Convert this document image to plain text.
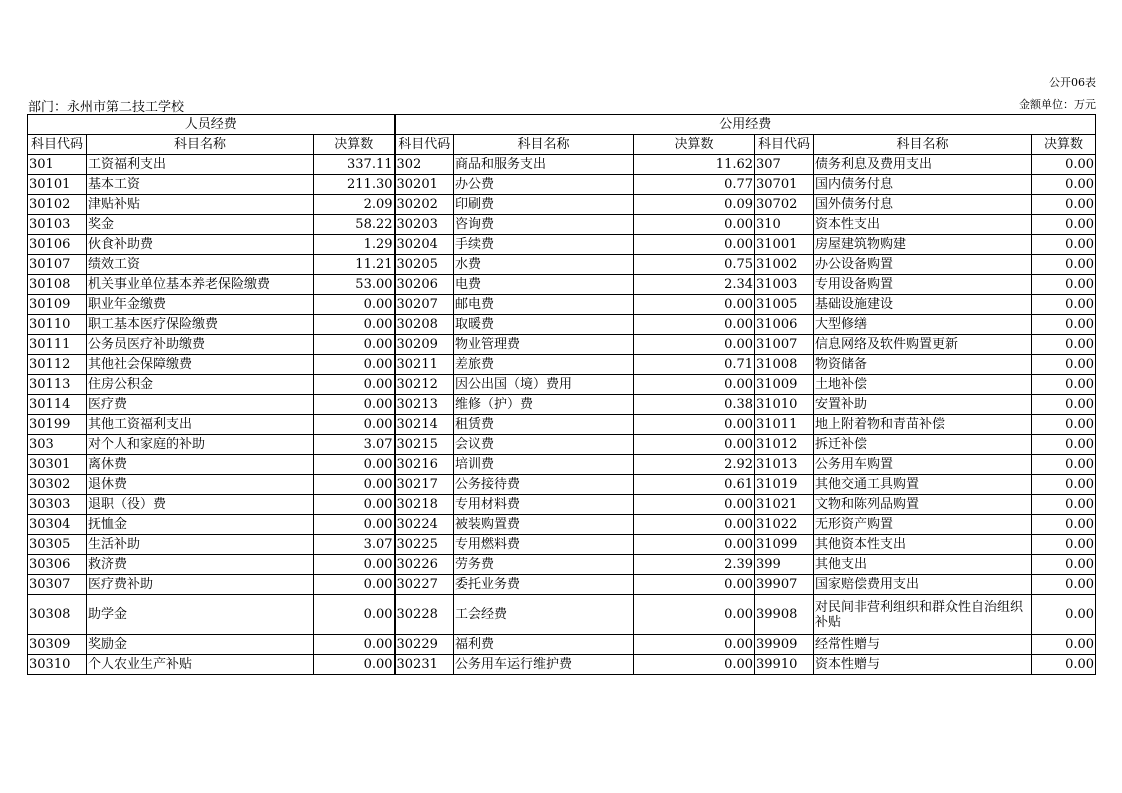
公开06表
部门：永州市第二技工学校	金额单位：万元
人员经费			公用经费					
科目代码	科目名称	决算数	科目代码	科目名称	决算数	科目代码	科目名称	决算数
301	工资福利支出	337.11	302	商品和服务支出	11.62	307	债务利息及费用支出	0.00
30101	基本工资	211.30	30201	办公费	0.77	30701	国内债务付息	0.00
30102	津贴补贴	2.09	30202	印刷费	0.09	30702	国外债务付息	0.00
30103	奖金	58.22	30203	咨询费	0.00	310	资本性支出	0.00
30106	伙食补助费	1.29	30204	手续费	0.00	31001	房屋建筑物购建	0.00
30107	绩效工资	11.21	30205	水费	0.75	31002	办公设备购置	0.00
30108	机关事业单位基本养老保险缴费	53.00	30206	电费	2.34	31003	专用设备购置	0.00
30109	职业年金缴费	0.00	30207	邮电费	0.00	31005	基础设施建设	0.00
30110	职工基本医疗保险缴费	0.00	30208	取暖费	0.00	31006	大型修缮	0.00
30111	公务员医疗补助缴费	0.00	30209	物业管理费	0.00	31007	信息网络及软件购置更新	0.00
30112	其他社会保障缴费	0.00	30211	差旅费	0.71	31008	物资储备	0.00
30113	住房公积金	0.00	30212	因公出国（境）费用	0.00	31009	土地补偿	0.00
30114	医疗费	0.00	30213	维修（护）费	0.38	31010	安置补助	0.00
30199	其他工资福利支出	0.00	30214	租赁费	0.00	31011	地上附着物和青苗补偿	0.00
303	对个人和家庭的补助	3.07	30215	会议费	0.00	31012	拆迁补偿	0.00
30301	离休费	0.00	30216	培训费	2.92	31013	公务用车购置	0.00
30302	退休费	0.00	30217	公务接待费	0.61	31019	其他交通工具购置	0.00
30303	退职（役）费	0.00	30218	专用材料费	0.00	31021	文物和陈列品购置	0.00
30304	抚恤金	0.00	30224	被装购置费	0.00	31022	无形资产购置	0.00
30305	生活补助	3.07	30225	专用燃料费	0.00	31099	其他资本性支出	0.00
30306	救济费	0.00	30226	劳务费	2.39	399	其他支出	0.00
30307	医疗费补助	0.00	30227	委托业务费	0.00	39907	国家赔偿费用支出	0.00
30308	助学金	0.00	30228	工会经费	0.00	39908	对民间非营利组织和群众性自治组织补贴	0.00
30309	奖励金	0.00	30229	福利费	0.00	39909	经常性赠与	0.00
30310	个人农业生产补贴	0.00	30231	公务用车运行维护费	0.00	39910	资本性赠与	0.00
